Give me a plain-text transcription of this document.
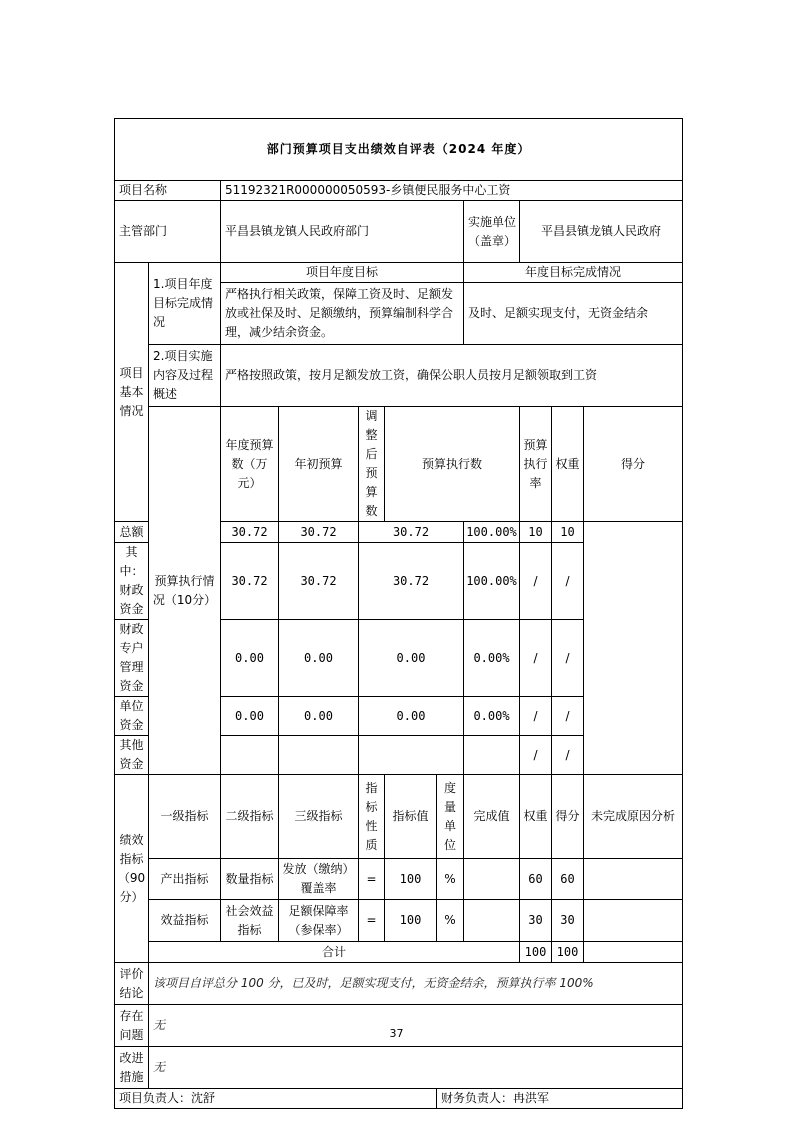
部门预算项目支出绩效自评表（2024 年度）											
项目名称		51192321R000000050593-乡镇便民服务中心工资									
主管部门		平昌县镇龙镇人民政府部门					实施单位（盖章）	平昌县镇龙镇人民政府			
项目基本情况	1.项目年度目标完成情况	项目年度目标					年度目标完成情况				
		严格执行相关政策，保障工资及时、足额发放或社保及时、足额缴纳，预算编制科学合理，减少结余资金。					及时、足额实现支付，无资金结余				
	2.项目实施内容及过程概述	严格按照政策，按月足额发放工资，确保公职人员按月足额领取到工资									
	预算执行情况（10分）	年度预算数（万元）	年初预算	调整后预算数	预算执行数			预算执行率	权重	得分	
总额		30.72	30.72	30.72			100.00%	10	10		
其中：财政资金		30.72	30.72	30.72			100.00%	/	/		
财政专户管理资金		0.00	0.00	0.00			0.00%	/	/		
单位资金		0.00	0.00	0.00			0.00%	/	/		
其他资金								/	/		
绩效指标（90分）	一级指标	二级指标	三级指标	指标性质	指标值	度量单位	完成值	权重	得分	未完成原因分析	
	产出指标	数量指标	发放（缴纳）覆盖率	=	100	%		60	60		
	效益指标	社会效益指标	足额保障率（参保率）	=	100	%		30	30		
	合计							100	100		
评价结论	该项目自评总分 100 分，已及时，足额实现支付，无资金结余，预算执行率 100%										
存在问题	无										
改进措施	无										
项目负责人：沈舒						财务负责人：冉洪军					
37
